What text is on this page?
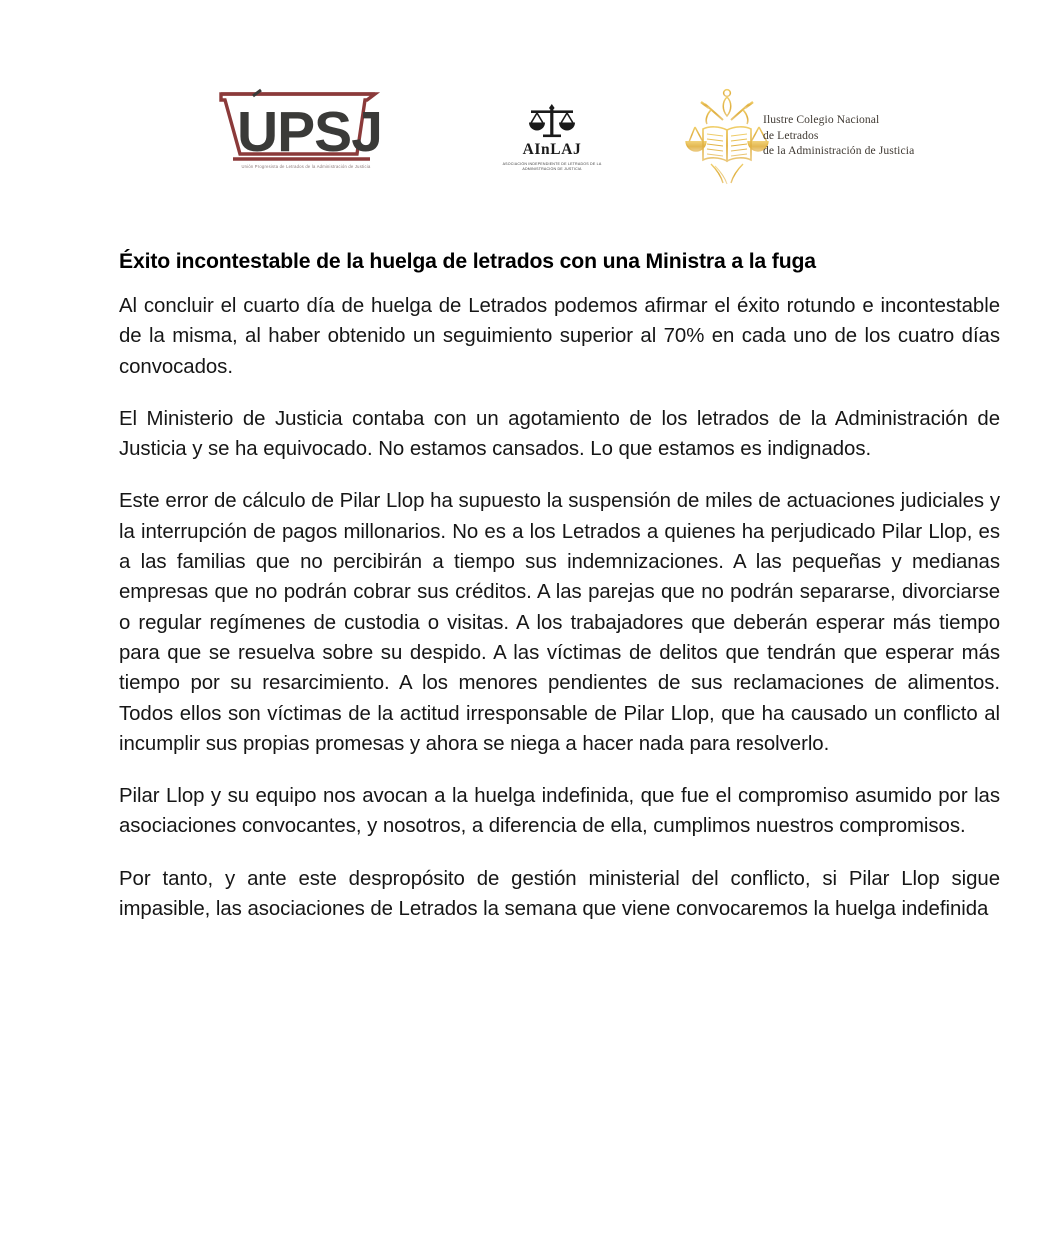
UPSJ
Unión Progresista de Letrados de la Administración de Justicia
AInLAJ
ASOCIACIÓN INDEPENDIENTE DE LETRADOS DE LA
ADMINISTRACIÓN DE JUSTICIA
Ilustre Colegio Nacional
de Letrados
de la Administración de Justicia
Éxito incontestable de la huelga de letrados con una Ministra a la fuga

Al concluir el cuarto día de huelga de Letrados podemos afirmar el éxito rotundo e incontestable de la misma, al haber obtenido un seguimiento superior al 70% en cada uno de los cuatro días convocados.

El Ministerio de Justicia contaba con un agotamiento de los letrados de la Administración de Justicia y se ha equivocado. No estamos cansados. Lo que estamos es indignados.

Este error de cálculo de Pilar Llop ha supuesto la suspensión de miles de actuaciones judiciales y la interrupción de pagos millonarios. No es a los Letrados a quienes ha perjudicado Pilar Llop, es a las familias que no percibirán a tiempo sus indemnizaciones. A las pequeñas y medianas empresas que no podrán cobrar sus créditos. A las parejas que no podrán separarse, divorciarse o regular regímenes de custodia o visitas. A los trabajadores que deberán esperar más tiempo para que se resuelva sobre su despido. A las víctimas de delitos que tendrán que esperar más tiempo por su resarcimiento. A los menores pendientes de sus reclamaciones de alimentos. Todos ellos son víctimas de la actitud irresponsable de Pilar Llop, que ha causado un conflicto al incumplir sus propias promesas y ahora se niega a hacer nada para resolverlo.

Pilar Llop y su equipo nos avocan a la huelga indefinida, que fue el compromiso asumido por las asociaciones convocantes, y nosotros, a diferencia de ella, cumplimos nuestros compromisos.

Por tanto, y ante este despropósito de gestión ministerial del conflicto, si Pilar Llop sigue impasible, las asociaciones de Letrados la semana que viene convocaremos la huelga indefinida
